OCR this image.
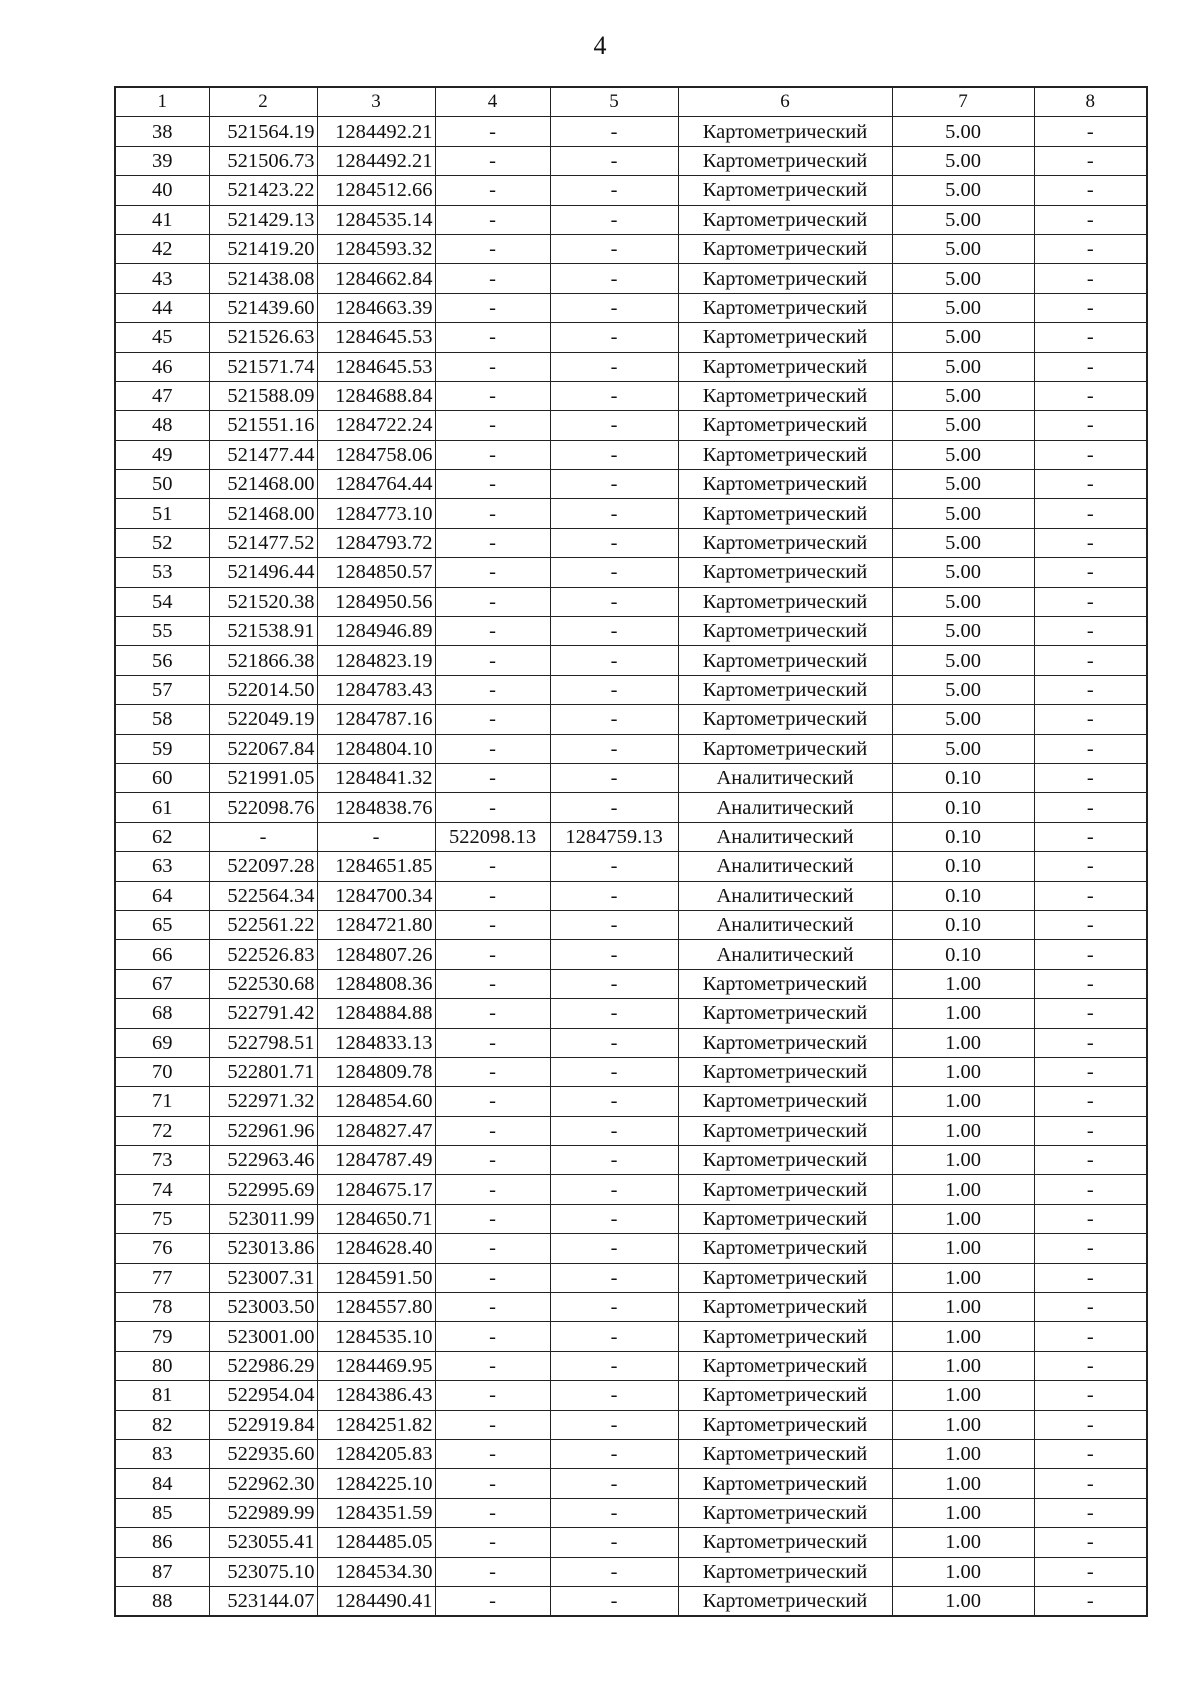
4
1	2	3	4	5	6	7	8
38	521564.19	1284492.21	-	-	Картометрический	5.00	-
39	521506.73	1284492.21	-	-	Картометрический	5.00	-
40	521423.22	1284512.66	-	-	Картометрический	5.00	-
41	521429.13	1284535.14	-	-	Картометрический	5.00	-
42	521419.20	1284593.32	-	-	Картометрический	5.00	-
43	521438.08	1284662.84	-	-	Картометрический	5.00	-
44	521439.60	1284663.39	-	-	Картометрический	5.00	-
45	521526.63	1284645.53	-	-	Картометрический	5.00	-
46	521571.74	1284645.53	-	-	Картометрический	5.00	-
47	521588.09	1284688.84	-	-	Картометрический	5.00	-
48	521551.16	1284722.24	-	-	Картометрический	5.00	-
49	521477.44	1284758.06	-	-	Картометрический	5.00	-
50	521468.00	1284764.44	-	-	Картометрический	5.00	-
51	521468.00	1284773.10	-	-	Картометрический	5.00	-
52	521477.52	1284793.72	-	-	Картометрический	5.00	-
53	521496.44	1284850.57	-	-	Картометрический	5.00	-
54	521520.38	1284950.56	-	-	Картометрический	5.00	-
55	521538.91	1284946.89	-	-	Картометрический	5.00	-
56	521866.38	1284823.19	-	-	Картометрический	5.00	-
57	522014.50	1284783.43	-	-	Картометрический	5.00	-
58	522049.19	1284787.16	-	-	Картометрический	5.00	-
59	522067.84	1284804.10	-	-	Картометрический	5.00	-
60	521991.05	1284841.32	-	-	Аналитический	0.10	-
61	522098.76	1284838.76	-	-	Аналитический	0.10	-
62	-	-	522098.13	1284759.13	Аналитический	0.10	-
63	522097.28	1284651.85	-	-	Аналитический	0.10	-
64	522564.34	1284700.34	-	-	Аналитический	0.10	-
65	522561.22	1284721.80	-	-	Аналитический	0.10	-
66	522526.83	1284807.26	-	-	Аналитический	0.10	-
67	522530.68	1284808.36	-	-	Картометрический	1.00	-
68	522791.42	1284884.88	-	-	Картометрический	1.00	-
69	522798.51	1284833.13	-	-	Картометрический	1.00	-
70	522801.71	1284809.78	-	-	Картометрический	1.00	-
71	522971.32	1284854.60	-	-	Картометрический	1.00	-
72	522961.96	1284827.47	-	-	Картометрический	1.00	-
73	522963.46	1284787.49	-	-	Картометрический	1.00	-
74	522995.69	1284675.17	-	-	Картометрический	1.00	-
75	523011.99	1284650.71	-	-	Картометрический	1.00	-
76	523013.86	1284628.40	-	-	Картометрический	1.00	-
77	523007.31	1284591.50	-	-	Картометрический	1.00	-
78	523003.50	1284557.80	-	-	Картометрический	1.00	-
79	523001.00	1284535.10	-	-	Картометрический	1.00	-
80	522986.29	1284469.95	-	-	Картометрический	1.00	-
81	522954.04	1284386.43	-	-	Картометрический	1.00	-
82	522919.84	1284251.82	-	-	Картометрический	1.00	-
83	522935.60	1284205.83	-	-	Картометрический	1.00	-
84	522962.30	1284225.10	-	-	Картометрический	1.00	-
85	522989.99	1284351.59	-	-	Картометрический	1.00	-
86	523055.41	1284485.05	-	-	Картометрический	1.00	-
87	523075.10	1284534.30	-	-	Картометрический	1.00	-
88	523144.07	1284490.41	-	-	Картометрический	1.00	-
